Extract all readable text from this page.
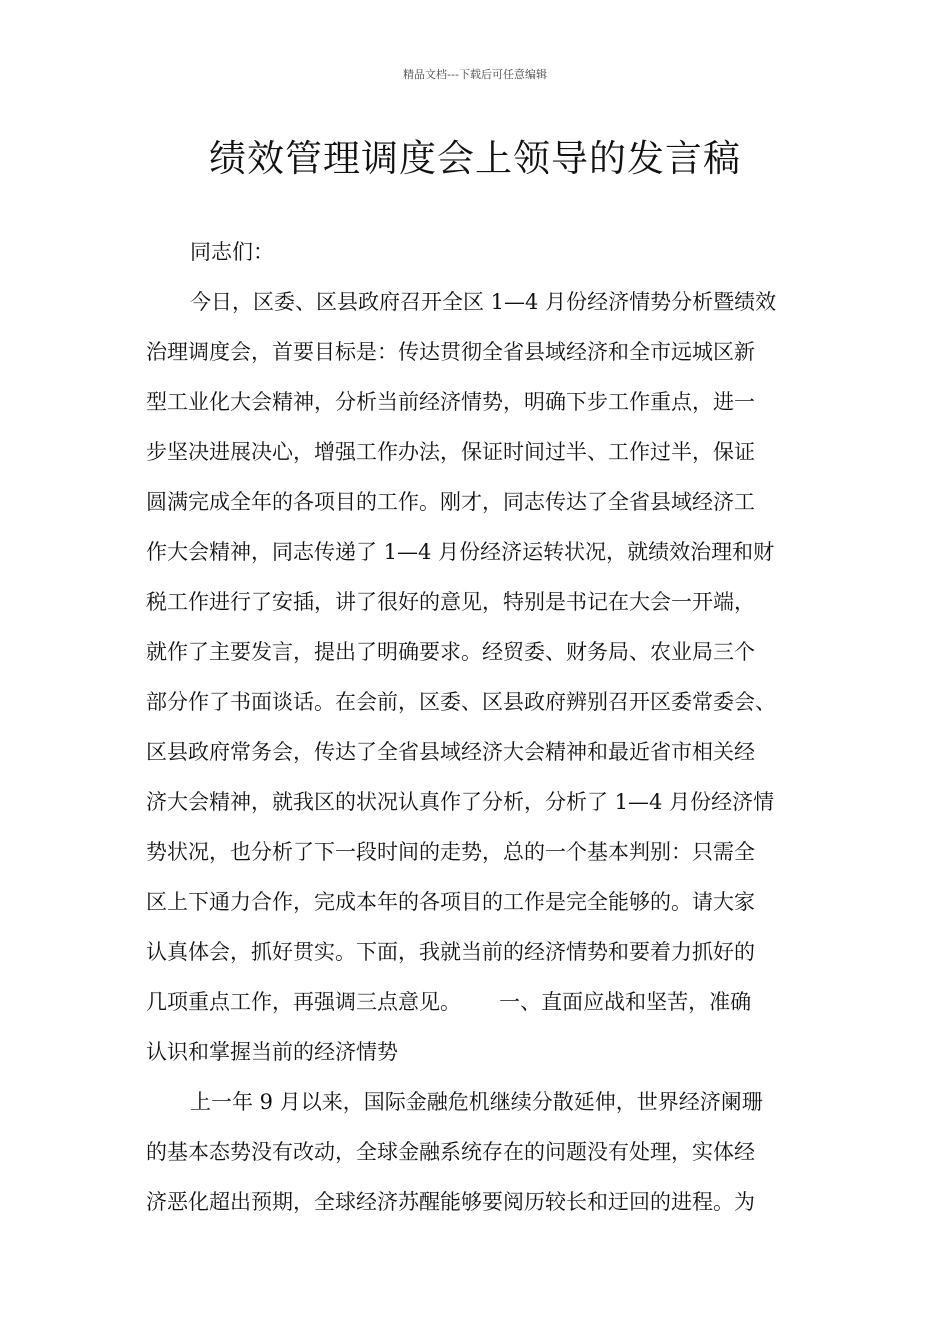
精品文档---下载后可任意编辑
绩效管理调度会上领导的发言稿
同志们：
今日，区委、区县政府召开全区 1—4 月份经济情势分析暨绩效
治理调度会，首要目标是：传达贯彻全省县域经济和全市远城区新
型工业化大会精神，分析当前经济情势，明确下步工作重点，进一
步坚决进展决心，增强工作办法，保证时间过半、工作过半，保证
圆满完成全年的各项目的工作。刚才，同志传达了全省县域经济工
作大会精神，同志传递了 1—4 月份经济运转状况，就绩效治理和财
税工作进行了安插，讲了很好的意见，特别是书记在大会一开端，
就作了主要发言，提出了明确要求。经贸委、财务局、农业局三个
部分作了书面谈话。在会前，区委、区县政府辨别召开区委常委会、
区县政府常务会，传达了全省县域经济大会精神和最近省市相关经
济大会精神，就我区的状况认真作了分析，分析了 1—4 月份经济情
势状况，也分析了下一段时间的走势，总的一个基本判别：只需全
区上下通力合作，完成本年的各项目的工作是完全能够的。请大家
认真体会，抓好贯实。下面，我就当前的经济情势和要着力抓好的
几项重点工作，再强调三点意见。　　 一、直面应战和坚苦，准确
认识和掌握当前的经济情势
上一年 9 月以来，国际金融危机继续分散延伸，世界经济阑珊
的基本态势没有改动，全球金融系统存在的问题没有处理，实体经
济恶化超出预期，全球经济苏醒能够要阅历较长和迂回的进程。为
